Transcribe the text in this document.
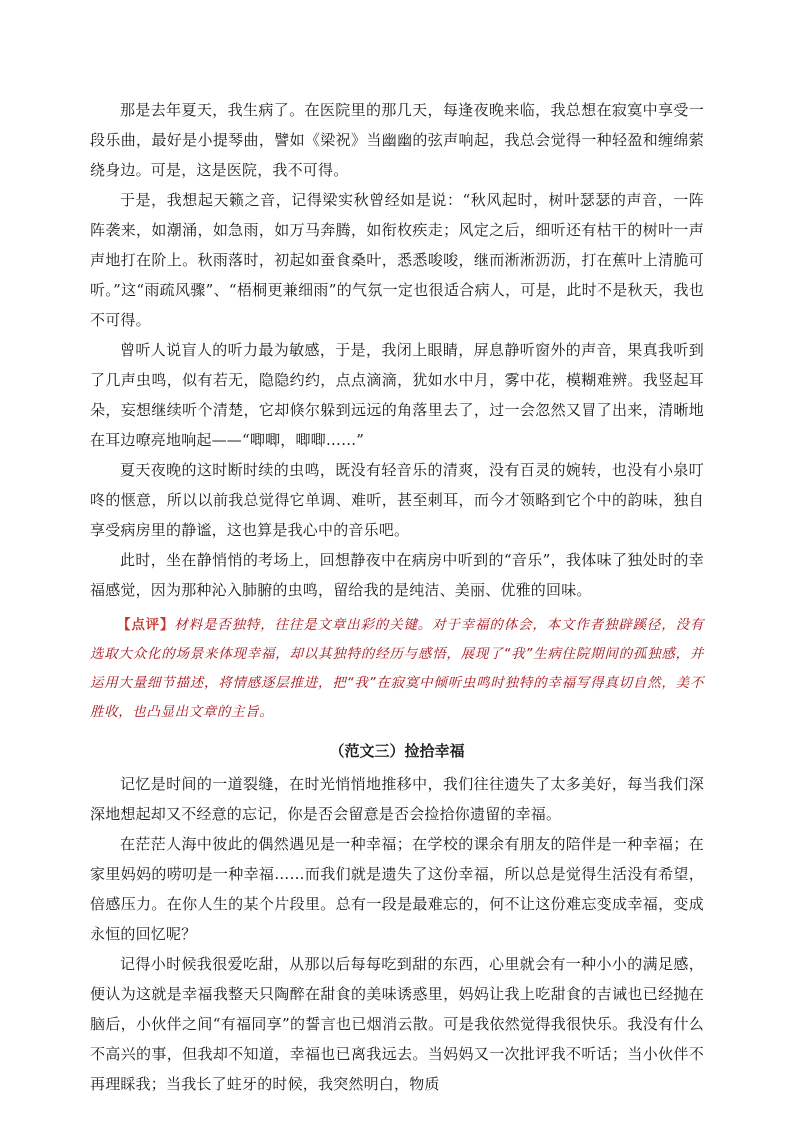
那是去年夏天，我生病了。在医院里的那几天，每逢夜晚来临，我总想在寂寞中享受一段乐曲，最好是小提琴曲，譬如《梁祝》当幽幽的弦声响起，我总会觉得一种轻盈和缠绵萦绕身边。可是，这是医院，我不可得。

于是，我想起天籁之音，记得梁实秋曾经如是说：“秋风起时，树叶瑟瑟的声音，一阵阵袭来，如潮涌，如急雨，如万马奔腾，如衔枚疾走；风定之后，细听还有枯干的树叶一声声地打在阶上。秋雨落时，初起如蚕食桑叶，悉悉唆唆，继而淅淅沥沥，打在蕉叶上清脆可听。”这“雨疏风骤”、“梧桐更兼细雨”的气氛一定也很适合病人，可是，此时不是秋天，我也不可得。

曾听人说盲人的听力最为敏感，于是，我闭上眼睛，屏息静听窗外的声音，果真我听到了几声虫鸣，似有若无，隐隐约约，点点滴滴，犹如水中月，雾中花，模糊难辨。我竖起耳朵，妄想继续听个清楚，它却倏尔躲到远远的角落里去了，过一会忽然又冒了出来，清晰地在耳边嘹亮地响起——“唧唧，唧唧……”

夏天夜晚的这时断时续的虫鸣，既没有轻音乐的清爽，没有百灵的婉转，也没有小泉叮咚的惬意，所以以前我总觉得它单调、难听，甚至刺耳，而今才领略到它个中的韵味，独自享受病房里的静谧，这也算是我心中的音乐吧。

此时，坐在静悄悄的考场上，回想静夜中在病房中听到的“音乐”，我体味了独处时的幸福感觉，因为那种沁入肺腑的虫鸣，留给我的是纯洁、美丽、优雅的回味。

【点评】材料是否独特，往往是文章出彩的关键。对于幸福的体会，本文作者独辟蹊径，没有选取大众化的场景来体现幸福，却以其独特的经历与感悟，展现了“我”生病住院期间的孤独感，并运用大量细节描述，将情感逐层推进，把“我”在寂寞中倾听虫鸣时独特的幸福写得真切自然，美不胜收，也凸显出文章的主旨。

（范文三）捡拾幸福

记忆是时间的一道裂缝，在时光悄悄地推移中，我们往往遗失了太多美好，每当我们深深地想起却又不经意的忘记，你是否会留意是否会捡拾你遗留的幸福。

在茫茫人海中彼此的偶然遇见是一种幸福；在学校的课余有朋友的陪伴是一种幸福；在家里妈妈的唠叨是一种幸福……而我们就是遗失了这份幸福，所以总是觉得生活没有希望，倍感压力。在你人生的某个片段里。总有一段是最难忘的，何不让这份难忘变成幸福，变成永恒的回忆呢？

记得小时候我很爱吃甜，从那以后每每吃到甜的东西，心里就会有一种小小的满足感，便认为这就是幸福我整天只陶醉在甜食的美味诱惑里，妈妈让我上吃甜食的吉诫也已经抛在脑后，小伙伴之间“有福同享”的誓言也已烟消云散。可是我依然觉得我很快乐。我没有什么不高兴的事，但我却不知道，幸福也已离我远去。当妈妈又一次批评我不听话；当小伙伴不再理睬我；当我长了蛀牙的时候，我突然明白，物质
